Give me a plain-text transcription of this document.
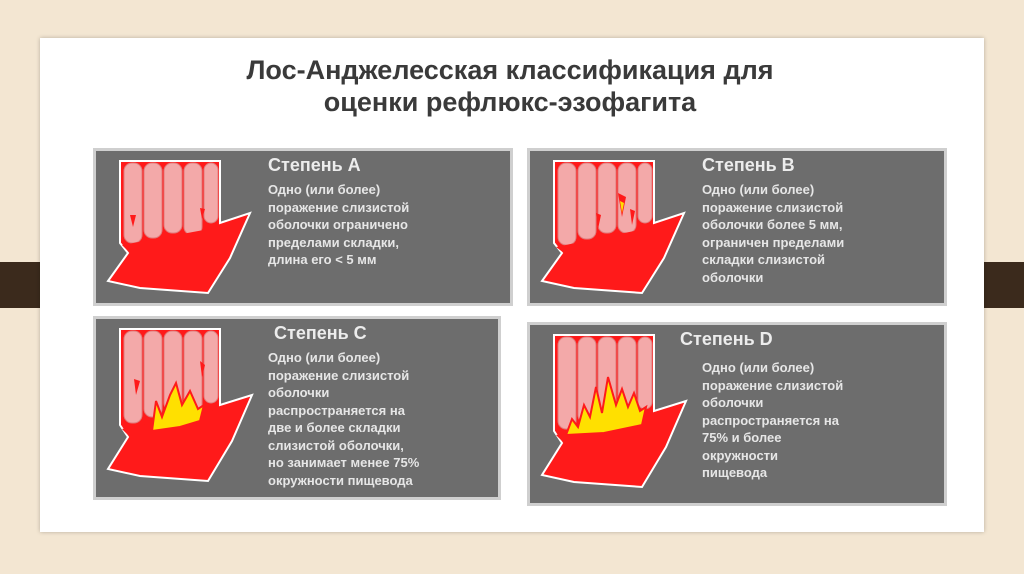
Лос-Анджелесская классификация для
оценки рефлюкс-эзофагита
Степень А
Одно (или более)
поражение слизистой
оболочки ограничено
пределами складки,
длина его < 5 мм
Степень В
Одно (или более)
поражение слизистой
оболочки более 5 мм,
ограничен пределами
складки слизистой
оболочки
Степень С
Одно (или более)
поражение слизистой
оболочки
распространяется на
две и более складки
слизистой оболочки,
но занимает менее 75%
окружности пищевода
Степень D
Одно (или более)
поражение слизистой
оболочки
распространяется на
75% и более
окружности
пищевода
